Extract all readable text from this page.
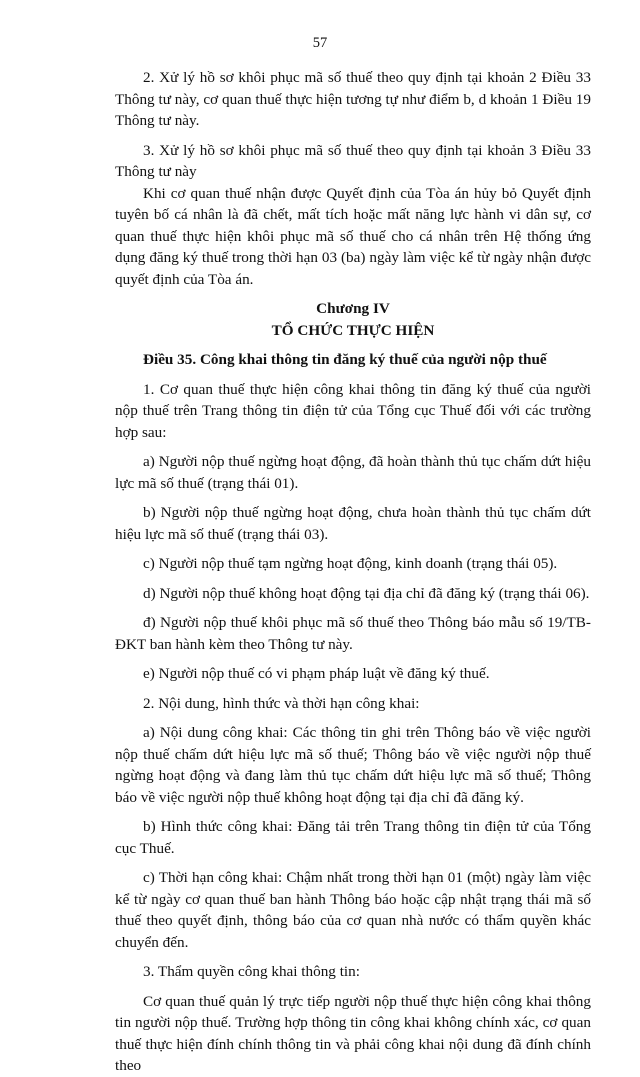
57

2. Xử lý hồ sơ khôi phục mã số thuế theo quy định tại khoản 2 Điều 33 Thông tư này, cơ quan thuế thực hiện tương tự như điểm b, d khoản 1 Điều 19 Thông tư này.

3. Xử lý hồ sơ khôi phục mã số thuế theo quy định tại khoản 3 Điều 33 Thông tư này

Khi cơ quan thuế nhận được Quyết định của Tòa án hủy bỏ Quyết định tuyên bố cá nhân là đã chết, mất tích hoặc mất năng lực hành vi dân sự, cơ quan thuế thực hiện khôi phục mã số thuế cho cá nhân trên Hệ thống ứng dụng đăng ký thuế trong thời hạn 03 (ba) ngày làm việc kể từ ngày nhận được quyết định của Tòa án.

Chương IV

TỔ CHỨC THỰC HIỆN

Điều 35. Công khai thông tin đăng ký thuế của người nộp thuế

1. Cơ quan thuế thực hiện công khai thông tin đăng ký thuế của người nộp thuế trên Trang thông tin điện tử của Tổng cục Thuế đối với các trường hợp sau:

a) Người nộp thuế ngừng hoạt động, đã hoàn thành thủ tục chấm dứt hiệu lực mã số thuế (trạng thái 01).

b) Người nộp thuế ngừng hoạt động, chưa hoàn thành thủ tục chấm dứt hiệu lực mã số thuế (trạng thái 03).

c) Người nộp thuế tạm ngừng hoạt động, kinh doanh (trạng thái 05).

d) Người nộp thuế không hoạt động tại địa chỉ đã đăng ký (trạng thái 06).

đ) Người nộp thuế khôi phục mã số thuế theo Thông báo mẫu số 19/TB-ĐKT ban hành kèm theo Thông tư này.

e) Người nộp thuế có vi phạm pháp luật về đăng ký thuế.

2. Nội dung, hình thức và thời hạn công khai:

a) Nội dung công khai: Các thông tin ghi trên Thông báo về việc người nộp thuế chấm dứt hiệu lực mã số thuế; Thông báo về việc người nộp thuế ngừng hoạt động và đang làm thủ tục chấm dứt hiệu lực mã số thuế; Thông báo về việc người nộp thuế không hoạt động tại địa chỉ đã đăng ký.

b) Hình thức công khai: Đăng tải trên Trang thông tin điện tử của Tổng cục Thuế.

c) Thời hạn công khai: Chậm nhất trong thời hạn 01 (một) ngày làm việc kể từ ngày cơ quan thuế ban hành Thông báo hoặc cập nhật trạng thái mã số thuế theo quyết định, thông báo của cơ quan nhà nước có thẩm quyền khác chuyển đến.

3. Thẩm quyền công khai thông tin:

Cơ quan thuế quản lý trực tiếp người nộp thuế thực hiện công khai thông tin người nộp thuế. Trường hợp thông tin công khai không chính xác, cơ quan thuế thực hiện đính chính thông tin và phải công khai nội dung đã đính chính theo
